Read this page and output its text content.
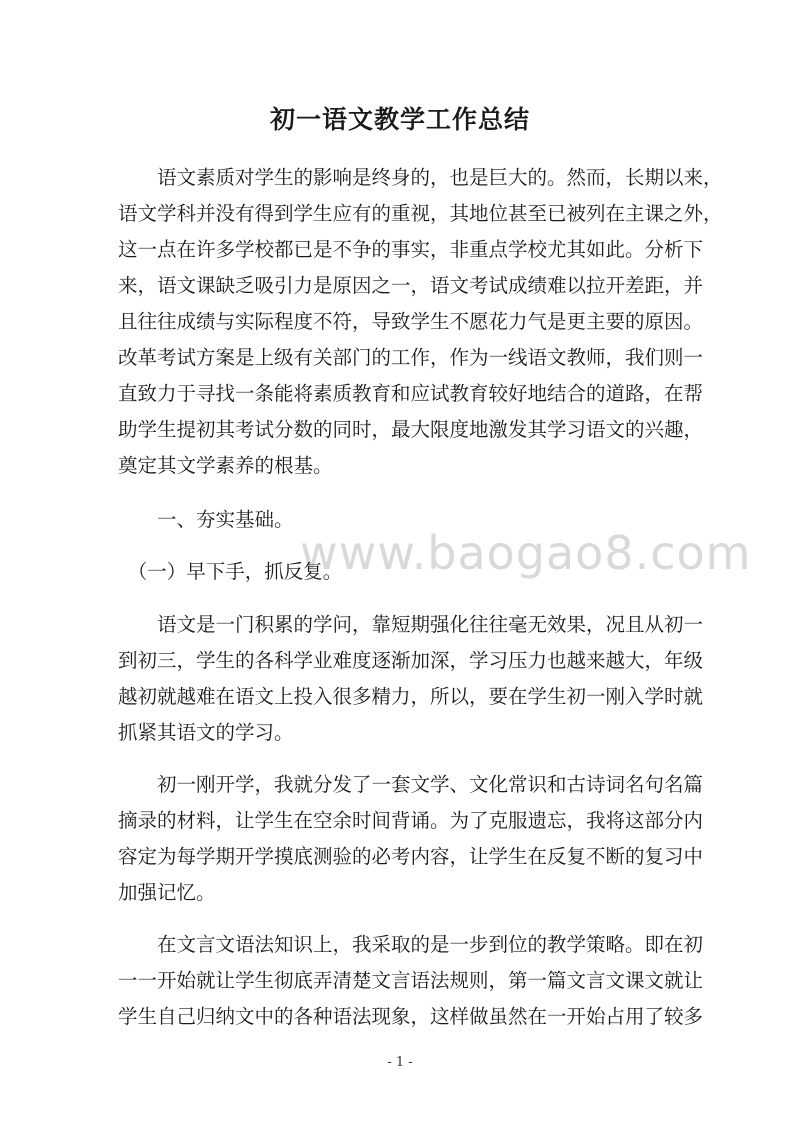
初一语文教学工作总结
www.baogao8.com
　　语文素质对学生的影响是终身的，也是巨大的。然而，长期以来，
语文学科并没有得到学生应有的重视，其地位甚至已被列在主课之外，
这一点在许多学校都已是不争的事实，非重点学校尤其如此。分析下
来，语文课缺乏吸引力是原因之一，语文考试成绩难以拉开差距，并
且往往成绩与实际程度不符，导致学生不愿花力气是更主要的原因。
改革考试方案是上级有关部门的工作，作为一线语文教师，我们则一
直致力于寻找一条能将素质教育和应试教育较好地结合的道路，在帮
助学生提初其考试分数的同时，最大限度地激发其学习语文的兴趣，
奠定其文学素养的根基。
　　一、夯实基础。
　（一）早下手，抓反复。
　　语文是一门积累的学问，靠短期强化往往毫无效果，况且从初一
到初三，学生的各科学业难度逐渐加深，学习压力也越来越大，年级
越初就越难在语文上投入很多精力，所以，要在学生初一刚入学时就
抓紧其语文的学习。
　　初一刚开学，我就分发了一套文学、文化常识和古诗词名句名篇
摘录的材料，让学生在空余时间背诵。为了克服遗忘，我将这部分内
容定为每学期开学摸底测验的必考内容，让学生在反复不断的复习中
加强记忆。
　　在文言文语法知识上，我采取的是一步到位的教学策略。即在初
一一开始就让学生彻底弄清楚文言语法规则，第一篇文言文课文就让
学生自己归纳文中的各种语法现象，这样做虽然在一开始占用了较多
- 1 -
